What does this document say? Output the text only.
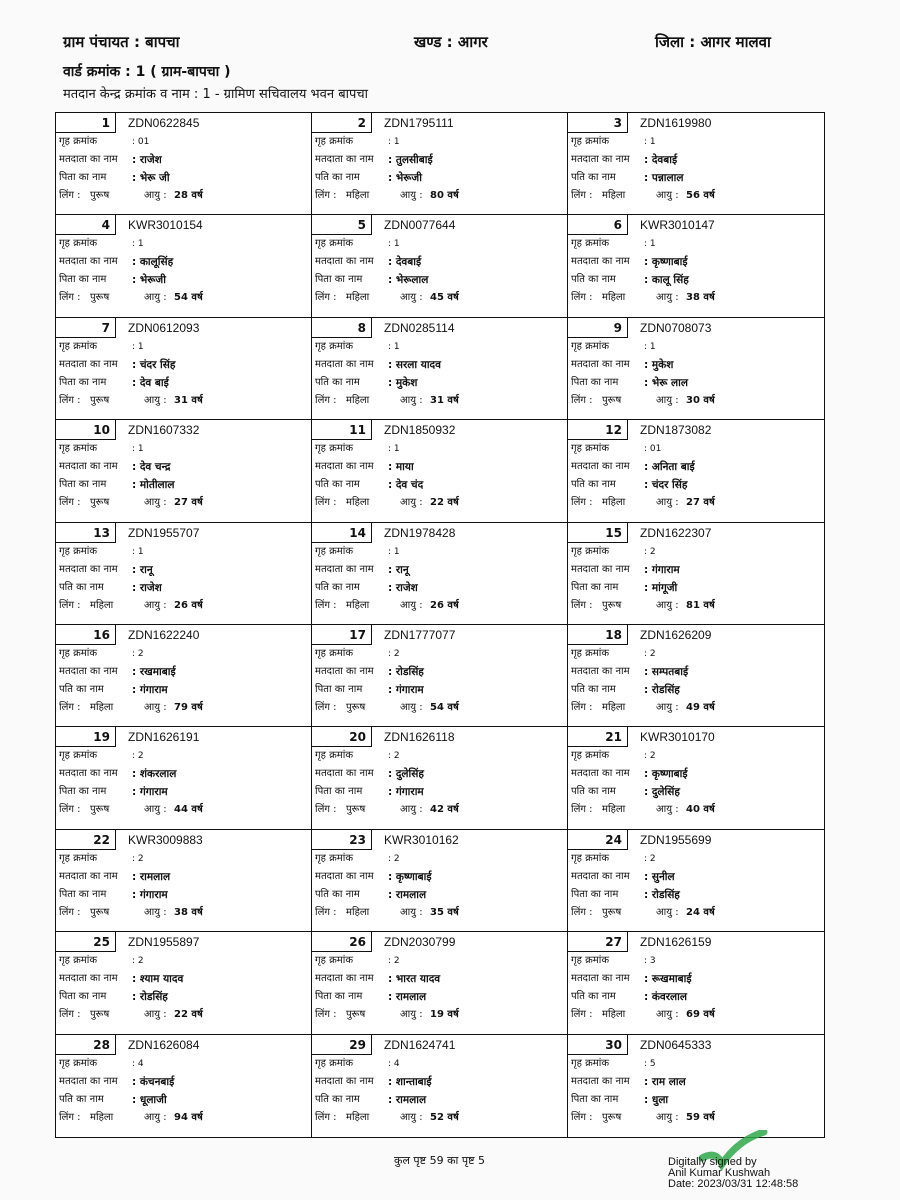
ग्राम पंचायत : बापचा	खण्ड : आगर	जिला : आगर मालवा
वार्ड क्रमांक : 1 ( ग्राम-बापचा )
मतदान केन्द्र क्रमांक व नाम : 1 - ग्रामिण सचिवालय भवन बापचा
1	ZDN0622845
गृह क्रमांक	: 01
मतदाता का नाम : राजेश
पिता का नाम : भेरू जी
लिंग : पुरूष	आयु : 28 वर्ष
2	ZDN1795111
गृह क्रमांक	: 1
मतदाता का नाम : तुलसीबाई
पति का नाम	: भेरूजी
लिंग : महिला	आयु : 80 वर्ष
3	ZDN1619980
गृह क्रमांक	: 1
मतदाता का नाम : देवबाई
पति का नाम	: पन्नालाल
लिंग : महिला	आयु : 56 वर्ष
4	KWR3010154
गृह क्रमांक	: 1
मतदाता का नाम : कालूसिंह
पिता का नाम : भेरूजी
लिंग : पुरूष	आयु : 54 वर्ष
5	ZDN0077644
गृह क्रमांक	: 1
मतदाता का नाम : देवबाई
पिता का नाम : भेरूलाल
लिंग : महिला	आयु : 45 वर्ष
6	KWR3010147
गृह क्रमांक	: 1
मतदाता का नाम : कृष्णाबाई
पति का नाम	: कालू सिंह
लिंग : महिला	आयु : 38 वर्ष
7	ZDN0612093
गृह क्रमांक	: 1
मतदाता का नाम : चंदर सिंह
पिता का नाम : देव बाई
लिंग : पुरूष	आयु : 31 वर्ष
8	ZDN0285114
गृह क्रमांक	: 1
मतदाता का नाम : सरला यादव
पति का नाम	: मुकेश
लिंग : महिला	आयु : 31 वर्ष
9	ZDN0708073
गृह क्रमांक	: 1
मतदाता का नाम : मुकेश
पिता का नाम : भेरू लाल
लिंग : पुरूष	आयु : 30 वर्ष
10	ZDN1607332
गृह क्रमांक	: 1
मतदाता का नाम : देव चन्द्र
पिता का नाम : मोतीलाल
लिंग : पुरूष	आयु : 27 वर्ष
11	ZDN1850932
गृह क्रमांक	: 1
मतदाता का नाम : माया
पति का नाम	: देव चंद
लिंग : महिला	आयु : 22 वर्ष
12	ZDN1873082
गृह क्रमांक	: 01
मतदाता का नाम : अनिता बाई
पति का नाम	: चंदर सिंह
लिंग : महिला	आयु : 27 वर्ष
13	ZDN1955707
गृह क्रमांक	: 1
मतदाता का नाम : रानू
पति का नाम	: राजेश
लिंग : महिला	आयु : 26 वर्ष
14	ZDN1978428
गृह क्रमांक	: 1
मतदाता का नाम : रानू
पति का नाम	: राजेश
लिंग : महिला	आयु : 26 वर्ष
15	ZDN1622307
गृह क्रमांक	: 2
मतदाता का नाम : गंगाराम
पिता का नाम : मांगूजी
लिंग : पुरूष	आयु : 81 वर्ष
16	ZDN1622240
गृह क्रमांक	: 2
मतदाता का नाम : रखमाबाई
पति का नाम	: गंगाराम
लिंग : महिला	आयु : 79 वर्ष
17	ZDN1777077
गृह क्रमांक	: 2
मतदाता का नाम : रोडसिंह
पिता का नाम : गंगाराम
लिंग : पुरूष	आयु : 54 वर्ष
18	ZDN1626209
गृह क्रमांक	: 2
मतदाता का नाम : सम्पतबाई
पति का नाम	: रोडसिंह
लिंग : महिला	आयु : 49 वर्ष
19	ZDN1626191
गृह क्रमांक	: 2
मतदाता का नाम : शंकरलाल
पिता का नाम : गंगाराम
लिंग : पुरूष	आयु : 44 वर्ष
20	ZDN1626118
गृह क्रमांक	: 2
मतदाता का नाम : दुलेसिंह
पिता का नाम : गंगाराम
लिंग : पुरूष	आयु : 42 वर्ष
21	KWR3010170
गृह क्रमांक	: 2
मतदाता का नाम : कृष्णाबाई
पति का नाम	: दुलेसिंह
लिंग : महिला	आयु : 40 वर्ष
22	KWR3009883
गृह क्रमांक	: 2
मतदाता का नाम : रामलाल
पिता का नाम : गंगाराम
लिंग : पुरूष	आयु : 38 वर्ष
23	KWR3010162
गृह क्रमांक	: 2
मतदाता का नाम : कृष्णाबाई
पति का नाम	: रामलाल
लिंग : महिला	आयु : 35 वर्ष
24	ZDN1955699
गृह क्रमांक	: 2
मतदाता का नाम : सुनील
पिता का नाम : रोडसिंह
लिंग : पुरूष	आयु : 24 वर्ष
25	ZDN1955897
गृह क्रमांक	: 2
मतदाता का नाम : श्याम यादव
पिता का नाम : रोडसिंह
लिंग : पुरूष	आयु : 22 वर्ष
26	ZDN2030799
गृह क्रमांक	: 2
मतदाता का नाम : भारत यादव
पिता का नाम : रामलाल
लिंग : पुरूष	आयु : 19 वर्ष
27	ZDN1626159
गृह क्रमांक	: 3
मतदाता का नाम : रूखमाबाई
पति का नाम	: कंवरलाल
लिंग : महिला	आयु : 69 वर्ष
28	ZDN1626084
गृह क्रमांक	: 4
मतदाता का नाम : कंचनबाई
पति का नाम	: धूलाजी
लिंग : महिला	आयु : 94 वर्ष
29	ZDN1624741
गृह क्रमांक	: 4
मतदाता का नाम : शान्ताबाई
पति का नाम	: रामलाल
लिंग : महिला	आयु : 52 वर्ष
30	ZDN0645333
गृह क्रमांक	: 5
मतदाता का नाम : राम लाल
पिता का नाम : धुला
लिंग : पुरूष	आयु : 59 वर्ष
कुल पृष्ट 59 का पृष्ट 5	Digitally signed by
Anil Kumar Kushwah
Date: 2023/03/31 12:48:58
